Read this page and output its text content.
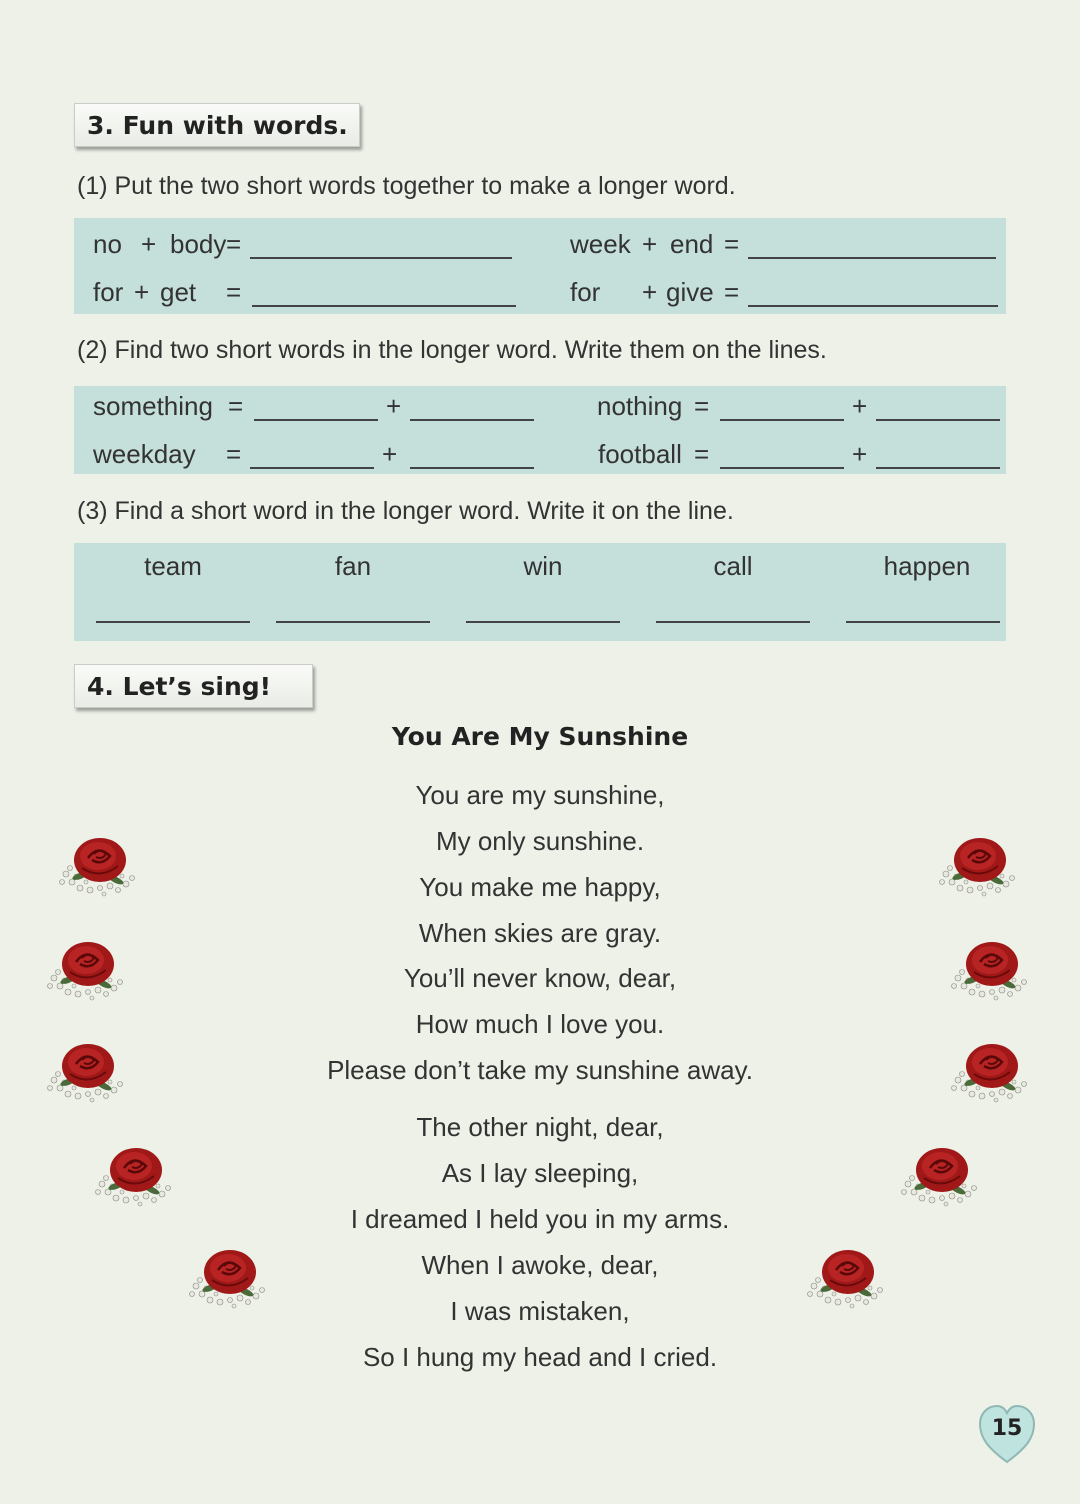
3. Fun with words.
(1) Put the two short words together to make a longer word.
no + body =	week + end =
for + get =	for + give =
(2) Find two short words in the longer word. Write them on the lines.
something =	+	nothing =	+
weekday =	+	football =	+
(3) Find a short word in the longer word. Write it on the line.
team	fan	win	call	happen
4. Let’s sing!
You Are My Sunshine
You are my sunshine,
My only sunshine.
You make me happy,
When skies are gray.
You’ll never know, dear,
How much I love you.
Please don’t take my sunshine away.
The other night, dear,
As I lay sleeping,
I dreamed I held you in my arms.
When I awoke, dear,
I was mistaken,
So I hung my head and I cried.
15
